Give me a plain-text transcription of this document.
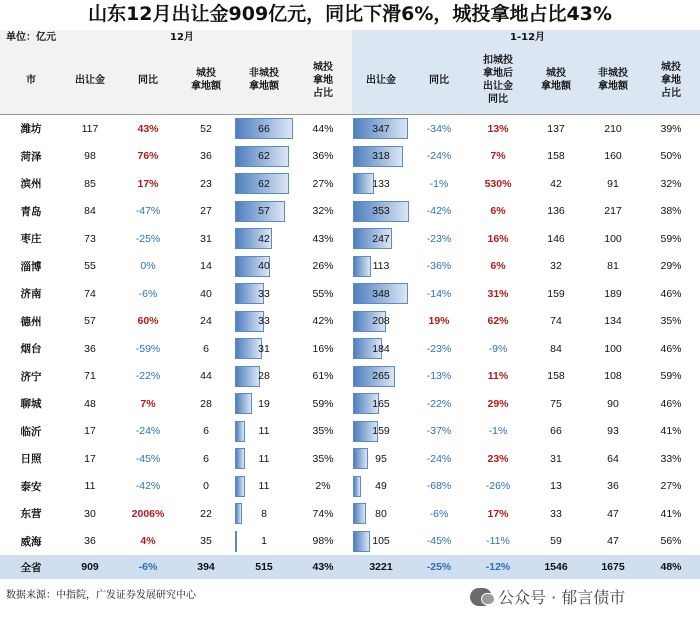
山东12月出让金909亿元，同比下滑6%，城投拿地占比43%
单位：亿元	12月	1-12月
市	出让金	同比
城投
拿地额
非城投
拿地额
城投
拿地
占比
出让金	同比
扣城投
拿地后
出让金
同比
城投
拿地额
非城投
拿地额
城投
拿地
占比
潍坊	117	43%	52	66	44%	347	-34%	13%	137	210	39%
菏泽	98	76%	36	62	36%	318	-24%	7%	158	160	50%
滨州	85	17%	23	62	27%	133	-1%	530%	42	91	32%
青岛	84	-47%	27	57	32%	353	-42%	6%	136	217	38%
枣庄	73	-25%	31	42	43%	247	-23%	16%	146	100	59%
淄博	55	0%	14	40	26%	113	-36%	6%	32	81	29%
济南	74	-6%	40	33	55%	348	-14%	31%	159	189	46%
德州	57	60%	24	33	42%	208	19%	62%	74	134	35%
烟台	36	-59%	6	31	16%	184	-23%	-9%	84	100	46%
济宁	71	-22%	44	28	61%	265	-13%	11%	158	108	59%
聊城	48	7%	28	19	59%	165	-22%	29%	75	90	46%
临沂	17	-24%	6	11	35%	159	-37%	-1%	66	93	41%
日照	17	-45%	6	11	35%	95	-24%	23%	31	64	33%
泰安	11	-42%	0	11	2%	49	-68%	-26%	13	36	27%
东营	30	2006%	22	8	74%	80	-6%	17%	33	47	41%
威海	36	4%	35	1	98%	105	-45%	-11%	59	47	56%
全省	909	-6%	394	515	43%	3221	-25%	-12%	1546	1675	48%
数据来源：中指院，广发证券发展研究中心	公众号 · 郁言债市
